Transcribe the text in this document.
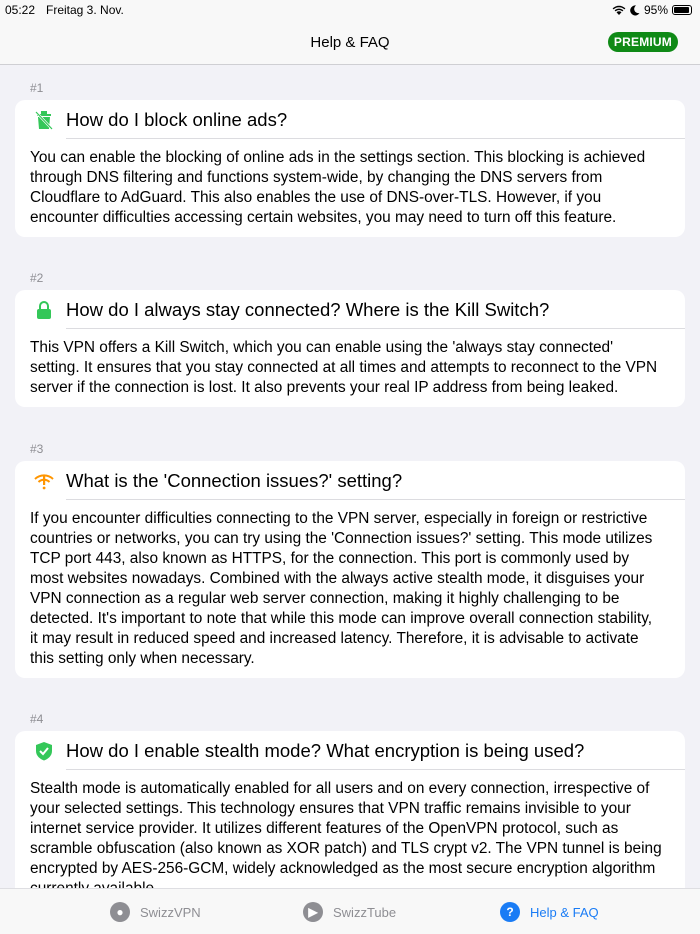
05:22 Freitag 3. Nov.	95%
Help & FAQ	PREMIUM
#1
How do I block online ads?
You can enable the blocking of online ads in the settings section. This blocking is achieved
through DNS filtering and functions system-wide, by changing the DNS servers from
Cloudflare to AdGuard. This also enables the use of DNS-over-TLS. However, if you
encounter difficulties accessing certain websites, you may need to turn off this feature.
#2
How do I always stay connected? Where is the Kill Switch?
This VPN offers a Kill Switch, which you can enable using the 'always stay connected'
setting. It ensures that you stay connected at all times and attempts to reconnect to the VPN
server if the connection is lost. It also prevents your real IP address from being leaked.
#3
What is the 'Connection issues?' setting?
If you encounter difficulties connecting to the VPN server, especially in foreign or restrictive
countries or networks, you can try using the 'Connection issues?' setting. This mode utilizes
TCP port 443, also known as HTTPS, for the connection. This port is commonly used by
most websites nowadays. Combined with the always active stealth mode, it disguises your
VPN connection as a regular web server connection, making it highly challenging to be
detected. It's important to note that while this mode can improve overall connection stability,
it may result in reduced speed and increased latency. Therefore, it is advisable to activate
this setting only when necessary.
#4
How do I enable stealth mode? What encryption is being used?
Stealth mode is automatically enabled for all users and on every connection, irrespective of
your selected settings. This technology ensures that VPN traffic remains invisible to your
internet service provider. It utilizes different features of the OpenVPN protocol, such as
scramble obfuscation (also known as XOR patch) and TLS crypt v2. The VPN tunnel is being
encrypted by AES-256-GCM, widely acknowledged as the most secure encryption algorithm
●	SwizzVPN	▶	SwizzTube	?	Help & FAQ
